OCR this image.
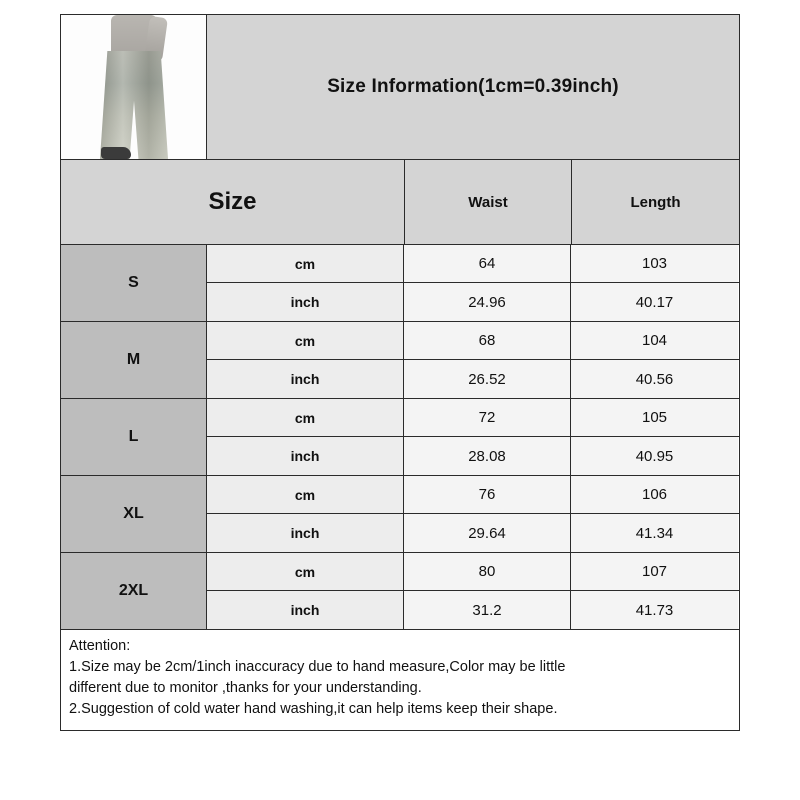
Size Information(1cm=0.39inch)
Size	Waist	Length
S
cm	64	103
inch	24.96	40.17
M
cm	68	104
inch	26.52	40.56
L
cm	72	105
inch	28.08	40.95
XL
cm	76	106
inch	29.64	41.34
2XL
cm	80	107
inch	31.2	41.73
Attention:
1.Size may be 2cm/1inch inaccuracy due to hand measure,Color may be little
different due to monitor ,thanks for your understanding.
2.Suggestion of cold water hand washing,it can help items keep their shape.
